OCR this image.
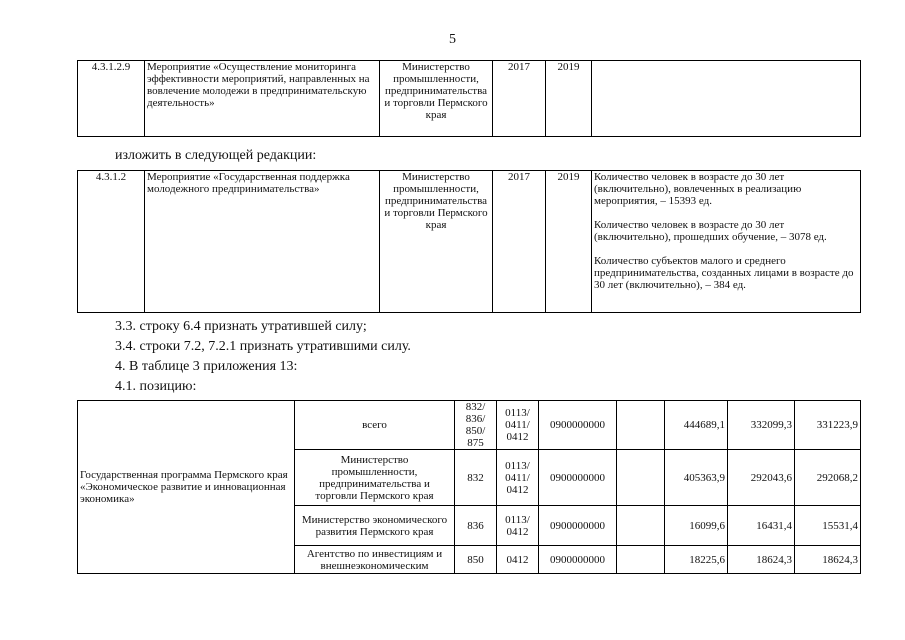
5
4.3.1.2.9	Мероприятие «Осуществление мониторинга эффективности мероприятий, направленных на вовлечение молодежи в предпринимательскую деятельность»	Министерство промышленности, предпринимательства и торговли Пермского края	2017	2019	
изложить в следующей редакции:
4.3.1.2	Мероприятие «Государственная поддержка молодежного предпринимательства»	Министерство промышленности, предпринимательства и торговли Пермского края	2017	2019	Количество человек в возрасте до 30 лет (включительно), вовлеченных в реализацию мероприятия, – 15393 ед.

Количество человек в возрасте до 30 лет (включительно), прошедших обучение, – 3078 ед.

Количество субъектов малого и среднего предпринимательства, созданных лицами в возрасте до 30 лет (включительно), – 384 ед.

3.3. строку 6.4 признать утратившей силу;
3.4. строки 7.2, 7.2.1 признать утратившими силу.
4. В таблице 3 приложения 13:
4.1. позицию:
Государственная программа Пермского края «Экономическое развитие и инновационная экономика»	всего	832/ 836/ 850/ 875	0113/ 0411/ 0412	0900000000		444689,1	332099,3	331223,9
	Министерство промышленности, предпринимательства и торговли Пермского края	832	0113/ 0411/ 0412	0900000000		405363,9	292043,6	292068,2
	Министерство экономического развития Пермского края	836	0113/ 0412	0900000000		16099,6	16431,4	15531,4
	Агентство по инвестициям и внешнеэкономическим	850	0412	0900000000		18225,6	18624,3	18624,3
